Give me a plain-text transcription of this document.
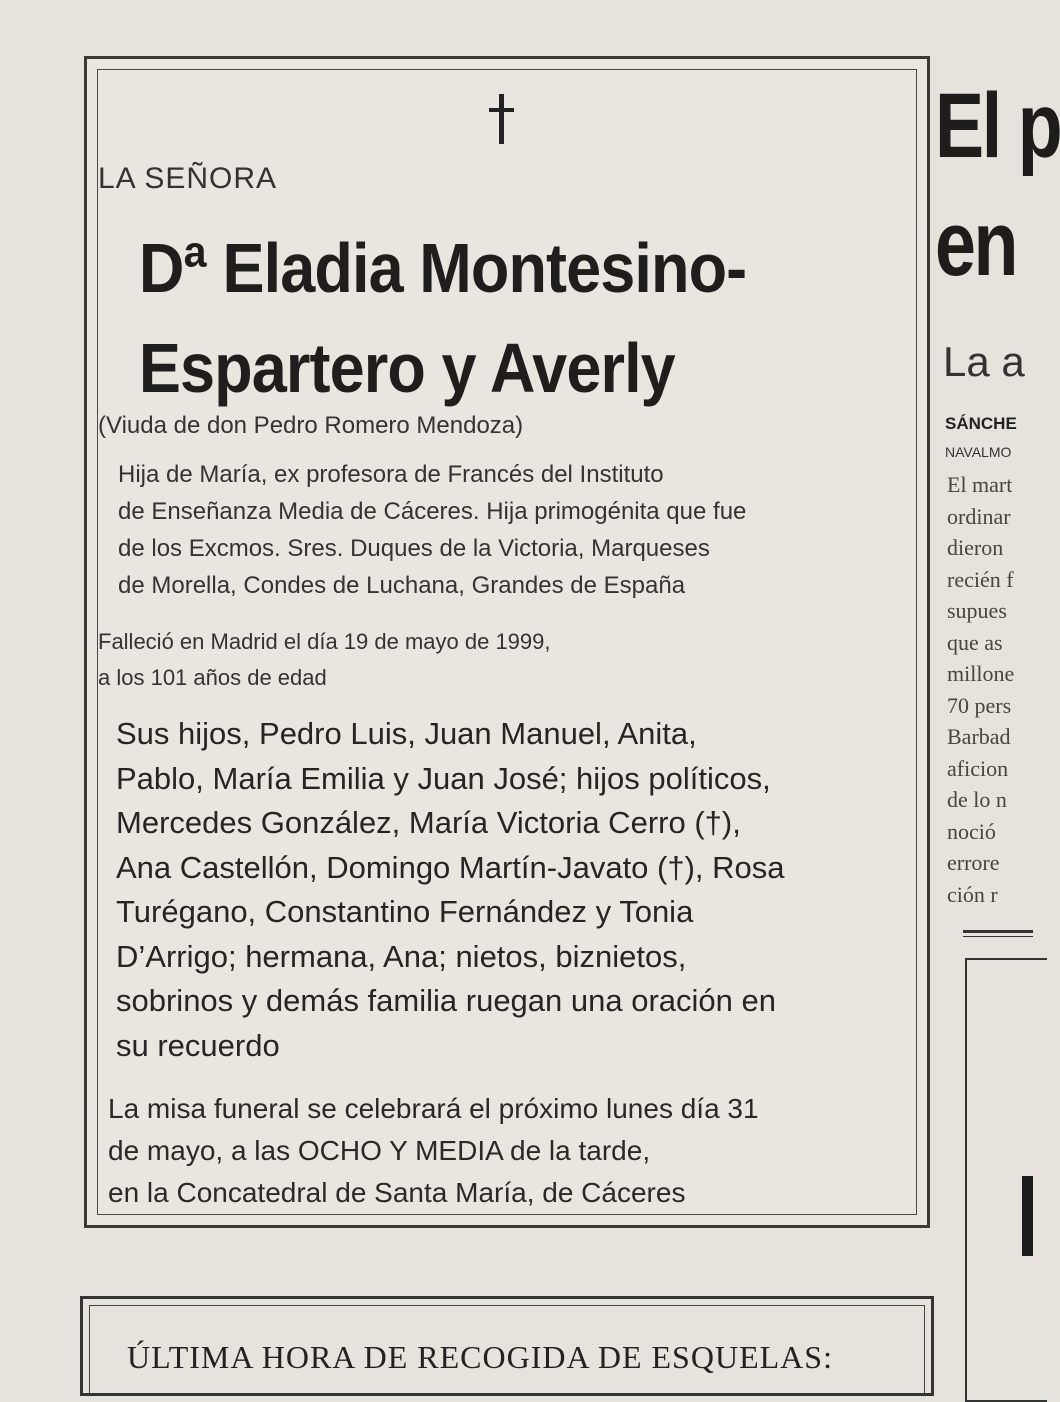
LA SEÑORA
Dª Eladia Montesino-
Espartero y Averly
(Viuda de don Pedro Romero Mendoza)
Hija de María, ex profesora de Francés del Instituto
de Enseñanza Media de Cáceres. Hija primogénita que fue
de los Excmos. Sres. Duques de la Victoria, Marqueses
de Morella, Condes de Luchana, Grandes de España
Falleció en Madrid el día 19 de mayo de 1999,
a los 101 años de edad
Sus hijos, Pedro Luis, Juan Manuel, Anita,
Pablo, María Emilia y Juan José; hijos políticos,
Mercedes González, María Victoria Cerro (†),
Ana Castellón, Domingo Martín-Javato (†), Rosa
Turégano, Constantino Fernández y Tonia
D’Arrigo; hermana, Ana; nietos, biznietos,
sobrinos y demás familia ruegan una oración en
su recuerdo
La misa funeral se celebrará el próximo lunes día 31
de mayo, a las OCHO Y MEDIA de la tarde,
en la Concatedral de Santa María, de Cáceres
El p
en
La a
SÁNCHE
NAVALMO
El mart
ordinar
dieron
recién f
supues
que as
millone
70 pers
Barbad
aficion
de lo n
noció
errore
ción r
ÚLTIMA HORA DE RECOGIDA DE ESQUELAS:
